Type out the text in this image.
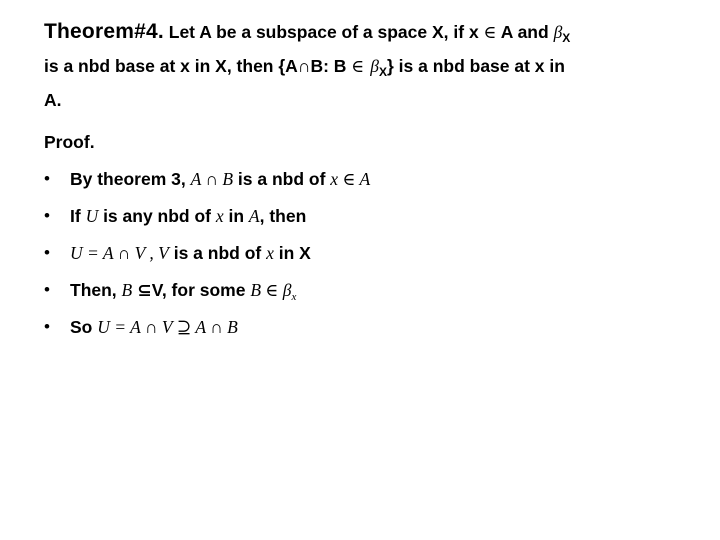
Theorem#4. Let A be a subspace of a space X, if x ∈ A and $\beta_X$
is a nbd base at x in X, then {A∩B: B ∈ $\beta_X$} is a nbd base at x in
A.
Proof.
• By theorem 3, A ∩ B is a nbd of x ∈ A
• If U is any nbd of x in A, then
• U = A ∩ V , V is a nbd of x in X
• Then, B ⊆V, for some B ∈ $\beta_x$
• So U = A ∩ V ⊇ A ∩ B
